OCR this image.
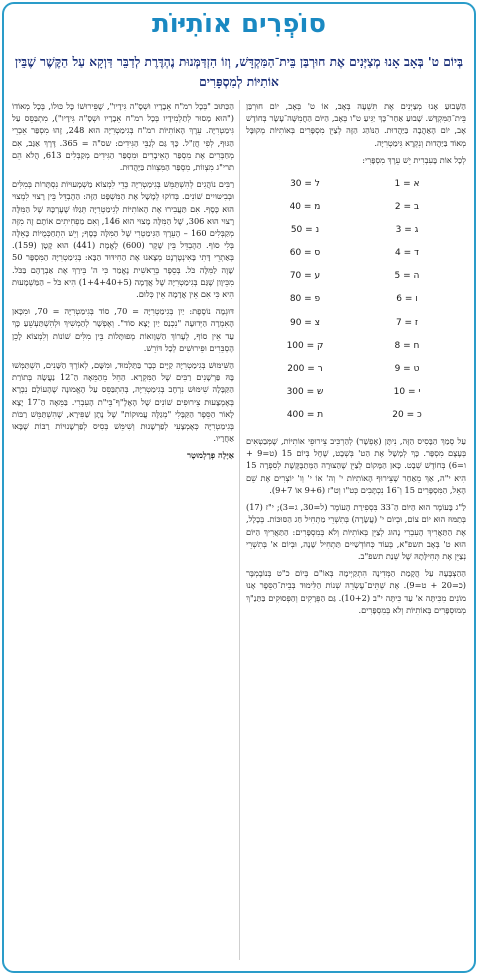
סוֹפְרִים אוֹתִיּוֹת
בְּיוֹם ט' בְּאָב אָנוּ מְצַיְּנִים אֶת חוּרְבַּן בֵּית־הַמִּקְדָּשׁ, וְזוֹ הִזְדַּמְּנוּת נֶהְדֶּרֶת לְדַבֵּר דַּוְקָא עַל הַקֶּשֶׁר שֶׁבֵּין אוֹתִיּוֹת לְמִסְפָּרִים

הַשָּׁבוּעַ אָנוּ מְצַיְּנִים אֶת תִּשְׁעָה בְּאָב, אוֹ ט' בְּאָב, יוֹם חוּרְבַּן בֵּית־הַמִּקְדָּשׁ. שָׁבוּעַ אַחַר־כָּךְ יַגִּיעַ ט"ו בְּאָב, הַיּוֹם הַחֲמִשָּׁה־עָשָׂר בְּחוֹדֶשׁ אָב, יוֹם הָאַהֲבָה בַּיַּהֲדוּת. הַנּוֹהַג הַזֶּה לְצַיֵּן מִסְפָּרִים בְּאוֹתִיּוֹת מְקוּבָּל מְאוֹד בַּיַּהֲדוּת וְנִקְרָא גִּימַטְרִיָּה.

לְכָל אוֹת בָּעִבְרִית יֵשׁ עֵרֶךְ מִסְפָּרִי:

א = 1
ל = 30
ב = 2
מ = 40
ג = 3
נ = 50
ד = 4
ס = 60
ה = 5
ע = 70
ו = 6
פ = 80
ז = 7
צ = 90
ח = 8
ק = 100
ט = 9
ר = 200
י = 10
ש = 300
כ = 20
ת = 400

עַל סְמַךְ הַבָּסִיס הַזֶּה, נִיתָּן (אֶפְשָׁר) לְהַרְכִּיב צֵירוּפֵי אוֹתִיּוֹת, שֶׁמְּבַטְּאִים בְּעֶצֶם מִסְפָּר. כָּךְ לְמָשָׁל אֶת הַט' בְּשְׁבָט, שֶׁחָל בְּיוֹם 15 (ט=9 + ו=6) בְּחוֹדֶשׁ שְׁבָט. כָּאן הַמָּקוֹם לְצַיֵּן שֶׁהַצּוּרָה הַמְּתַבֶּקֶּשֶׁת לְסִפְרָה 15 הִיא י"ה, אַךְ מֵאַחַר שֶׁצֵּירוּף הָאוֹתִיּוֹת י' וְה' אוֹ י' וְו' יוֹצְרִים אֶת שֵׁם הָאֵל, הַמִּסְפָּרִים 15 וְ־16 נִכְתָּבִים כְּט"ו וְט"ז (9+6 אוֹ 9+7).

לַ"ג בָּעוֹמֶר הוּא הַיּוֹם הַ־33 בִּסְפִירַת הָעוֹמֶר (ל=30, ג=3); י"ז (17) בְּתַמּוּז הוּא יוֹם צוֹם, וּבְיוֹם י' (עֲשָׂרָה) בְּתִשְׁרֵי מַתְחִיל חַג הַסּוּכּוֹת. בְּכָלָל, אֶת הַתַּאֲרִיךְ הָעִבְרִי נָהוּג לְצַיֵּן בְּאוֹתִיּוֹת וְלֹא בְּמִסְפָּרִים: הַתַּאֲרִיךְ הַיּוֹם הוּא ט' בְּאָב תשפ"א, בְּעוֹד כְּחוֹדְשַׁיִים תַּתְחִיל שָׁנָה, וּבְיוֹם א' בְּתִשְׁרֵי נְצַיֵּן אֶת תְּחִילָּתָהּ שֶׁל שְׁנַת תשפ"ב.

הַהַצְבָּעָה עַל הֲקָמַת הַמְּדִינָה הִתְקַיְּימָה בְּאוֹ"ם בְּיוֹם כ"ט בְּנוֹבֶמְבֶּר (כ=20 + ט=9). אֶת שְׁתֵּים־עֶשְׂרֵה שְׁנוֹת הַלִּימוּד בְּבֵית־הַסֵּפֶר אָנוּ מוֹנִים מִכִּיתָּה א' עַד כִּיתָּה י"ב (10+2). גַּם הַפְּרָקִים וְהַפְּסוּקִים בַּתַּנַ"ךְ מְמוּסְפָּרִים בְּאוֹתִיּוֹת וְלֹא בְּמִסְפָּרִים.

הַכַּתּוּב "בְּכָל רמ"ח אֵבָרָיו וּשְׁסָ"ה גִּידָיו", שֶׁפֵּירוּשׁוֹ כָּל כּוּלוֹ, בְּכָל מְאוֹדוֹ ("הוּא מָסוּר לְתַלְמִידָיו בְּכָל רמ"ח אֵבָרָיו וּשְׁסָ"ה גִּידָיו"), מִתְבַּסֵּס עַל גִּימַטְרִיָּה. עֵרֶךְ הָאוֹתִיּוֹת רמ"ח בְּגִימַטְרִיָּה הוּא 248, זֶהוּ מִסְפַּר אֵבְרֵי הַגּוּף, לְפִי חֲזַ"ל. כָּךְ גַּם לְגַבֵּי הַגִּידִים: שס"ה = 365. דֶּרֶךְ אַגַּב, אִם מְחַבְּרִים אֶת מִסְפַּר הָאֵיבָרִים וּמִסְפַּר הַגִּידִים מְקַבְּלִים 613, הֲלֹא הֵם תרי"ג מִצְווֹת, מִסְפַּר הַמִּצְווֹת בַּיַּהֲדוּת.

רַבִּים נוֹהֲגִים לְהִשְׁתַּמֵּשׁ בְּגִימַטְרִיָּה כְּדֵי לִמְצוֹא מַשְׁמָעוּיוֹת נִסְתָּרוֹת בְּמִלִּים וּבְבִיטּוּיִים שׁוֹנִים. בְּדוֹקוּ לְמָשָׁל אֶת הַמִּשְׁפָּט הַזֶּה: הַהֶבְדֵּל בֵּין רָצוּי לִמְצוּי הוּא כֶּסֶף. אִם תַּעֲבִירוּ אֶת הָאוֹתִיּוֹת לְגִימַטְרִיָּה תְּגַלּוּ שֶׁעֶרְכָּהּ שֶׁל הַמִּלָּה רָצוּי הוּא 306, שֶׁל הַמִּלָּה מָצוּי הוּא 146, וְאִם מַפְחִיתִים אוֹתָם זֶה מִזֶּה מְקַבְּלִים 160 – הָעֵרֶךְ הַגִּימַטְרִי שֶׁל הַמִּלָּה כֶּסֶף; וְיֵשׁ הִתְחַכְּמֻיּוֹת כָּאֵלֶּה בְּלִי סוֹף. הַהֶבְדֵּל בֵּין שֶׁקֶר (600) לֶאֱמֶת (441) הוּא קָטָן (159). בְּאַתְרֵי דָּתִי בָּאִינְטֶרְנֶט מְצָאנוּ אֶת הַחִידּוּד הַבָּא: בְּגִימַטְרִיָּה הַמִּסְפָּר 50 שָׁוֶה לַמִּלָּה כֹּל. בְּסֵפֶר בְּרֵאשִׁית נֶאֱמַר כִּי ה' בֵּירַךְ אֶת אַבְרָהָם בַּכֹּל. מִכֵּיוָון שֶׁגַּם בְּגִימַטְרִיָּה שֶׁל אֲדָמָה (1+4+40+5) הִיא כֹּל – הַמַּשְׁמָעוּת הִיא כִּי אִם אֵין אֲדָמָה אֵין כְּלוּם.

דּוּגְמָה נוֹסֶפֶת: יַיִן בְּגִימַטְרִיָּה = 70, סוֹד בְּגִימַטְרִיָּה = 70, וּמִכָּאן הָאִמְרָה הַיְּדוּעָה "נִכְנַס יַיִן יָצָא סוֹד". וְאֶפְשָׁר לְהַמְשִׁיךְ וּלְהִשְׁתַּעְשֵׁעַ כָּךְ עַד אֵין סוֹף, לְעָרוֹךְ הַשְׁוָואוֹת מְפוּתָּלוֹת בֵּין מִלִּים שׁוֹנוֹת וְלִמְצוֹא לָכֵן הֶסְבֵּרִים וּפֵירוּשִׁים לְכָל דּוֹרֵשׁ.

הַשִּׁימּוּשׁ בְּגִימַטְרִיָּה קַיָּים כְּבָר בַּתַּלְמוּד, וּמִשָּׁם, לְאוֹרֶךְ הַשָּׁנִים, הִשְׁתַּמְּשׁוּ בָּהּ פַּרְשָׁנִים רַבִּים שֶׁל הַמִּקְרָא. הַחֵל מֵהַמֵּאָה הַ־12 נַעֲשָׂה בְּתוֹרַת הַקַּבָּלָה שִׁימּוּשׁ נִרְחָב בְּגִימַטְרִיָּה, בְּהִתְבַּסֵּס עַל הָאֱמוּנָה שֶׁהָעוֹלָם נִבְרָא בְּאֶמְצָעוּת צֵירוּפִים שׁוֹנִים שֶׁל הָאָלֶ"ף־בֵּי"ת הָעִבְרִי. בַּמֵּאָה הַ־17 יָצָא לָאוֹר הַסֵּפֶר הַקַּבָּלִי "מְגַלֶּה עֲמוּקוֹת" שֶׁל נָתָן שַׁפִּירָא, שֶׁהִשְׁתַּמֵּשׁ רַבּוֹת בְּגִימַטְרִיָּה כְּאֶמְצָעִי לְפַרְשָׁנוּת וְשִׁימֵּשׁ בְּסִיס לְפַרְשָׁנוּיוֹת רַבּוֹת שֶׁבָּאוּ אַחֲרָיו.

אַיָּלָה פְרֶלְמוּטֶר
